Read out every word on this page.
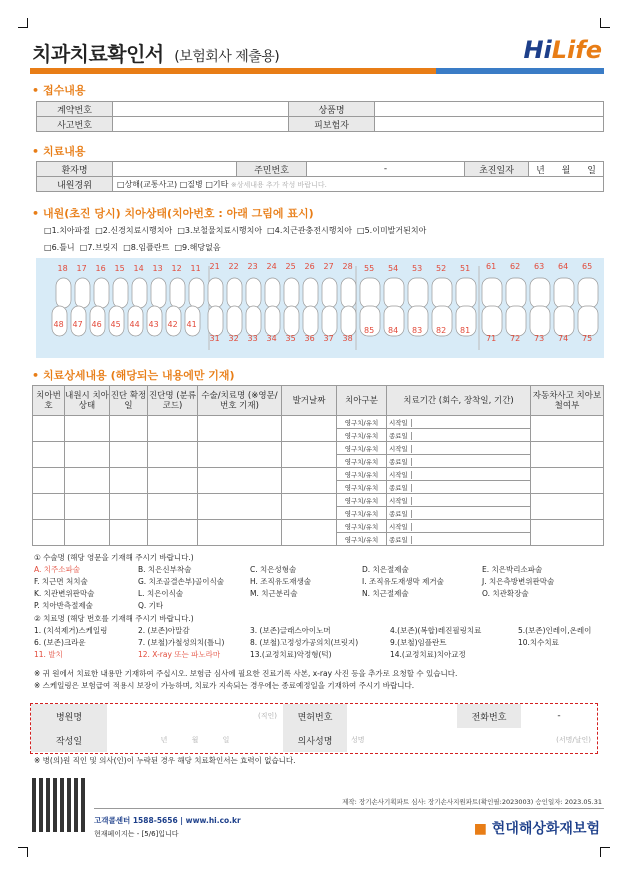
치과치료확인서 (보험회사 제출용)	HiLife
• 접수내용
계약번호		상품명	
사고번호		피보험자	
• 치료내용
환자명		주민번호	-	초진일자	년 월 일
내원경위	□상해(교통사고) □질병 □기타 ※상세내용 추가 작성 바랍니다.				
• 내원(초진 당시) 치아상태(치아번호 : 아래 그림에 표시)
□1.치아파절 □2.신경치료시행치아 □3.보철물치료시행치아 □4.치근관충전시행치아 □5.이미발거된치아
□6.틀니 □7.브릿지 □8.임플란트 □9.해당없음
18 17 16 15 14 13 12 11 21 22 23 24 25 26 27 28
48 47 46 45 44 43 42 41
31 32 33 34 35 36 37 38
55 54 53 52 51 61 62 63 64 65
85 84 83 82 81
71 72 73 74 75
• 치료상세내용 (해당되는 내용에만 기재)
치아번호	내원시 치아상태	진단 확정일	진단명 (분류코드)	수술/치료명 (※영문/번호 기재)	발거날짜	치아구분	치료기간 (회수, 장착일, 기간)	자동차사고 치아보철여부
						영구치/유치	시작일	
						영구치/유치	종료일	
						영구치/유치	시작일	
						영구치/유치	종료일	
						영구치/유치	시작일	
						영구치/유치	종료일	
						영구치/유치	시작일	
						영구치/유치	종료일	
						영구치/유치	시작일	
						영구치/유치	종료일	
① 수술명 (해당 영문을 기재해 주시기 바랍니다.)
A. 치주소파술	B. 치은신부착술	C. 치은성형술	D. 치은절제술	E. 치은박리소파술
F. 치근면 처치술	G. 치조골결손부)골이식술	H. 조직유도재생술	I. 조직유도재생막 제거술	J. 치은측방변위판막술
K. 치관변위판막술	L. 치은이식술	M. 치근분리술	N. 치근절제술	O. 치관확장술
P. 치아반측절제술	Q. 기타
② 치료명 (해당 번호를 기재해 주시기 바랍니다.)
1. (치석제거)스케일링	2. (보존)아말감	3. (보존)글래스아이노머	4.(보존)(복합)레진필링치료	5.(보존)인레이,온레이
6. (보존)크라운	7. (보철)가철성의치(틀니)	8. (보철)고정성가공의치(브릿지)	9.(보철)임플란트	10.치수치료
11. 발치	12. X-ray 또는 파노라마	13.(교정치료)악정형(턱)	14.(교정치료)치아교정
※ 귀 원에서 치료한 내용만 기재하여 주십시오. 보험금 심사에 필요한 진료기록 사본, x-ray 사진 등을 추가로 요청할 수 있습니다.
※ 스케일링은 보험급여 적용시 보장이 가능하며, 치료가 지속되는 경우에는 종료예정일을 기재하여 주시기 바랍니다.
병원명	(직인)	면허번호		전화번호	-
작성일	년 월 일	의사성명	성명 (서명/날인)		
※ 병(의)원 직인 및 의사(인)이 누락된 경우 해당 치료확인서는 효력이 없습니다.
제작: 장기손사기획파트 심사: 장기손사지원파트(확인필:2023003) 승인일자: 2023.05.31
고객콜센터 1588-5656 | www.hi.co.kr
현재페이지는 - [5/6]입니다	■ 현대해상화재보험
